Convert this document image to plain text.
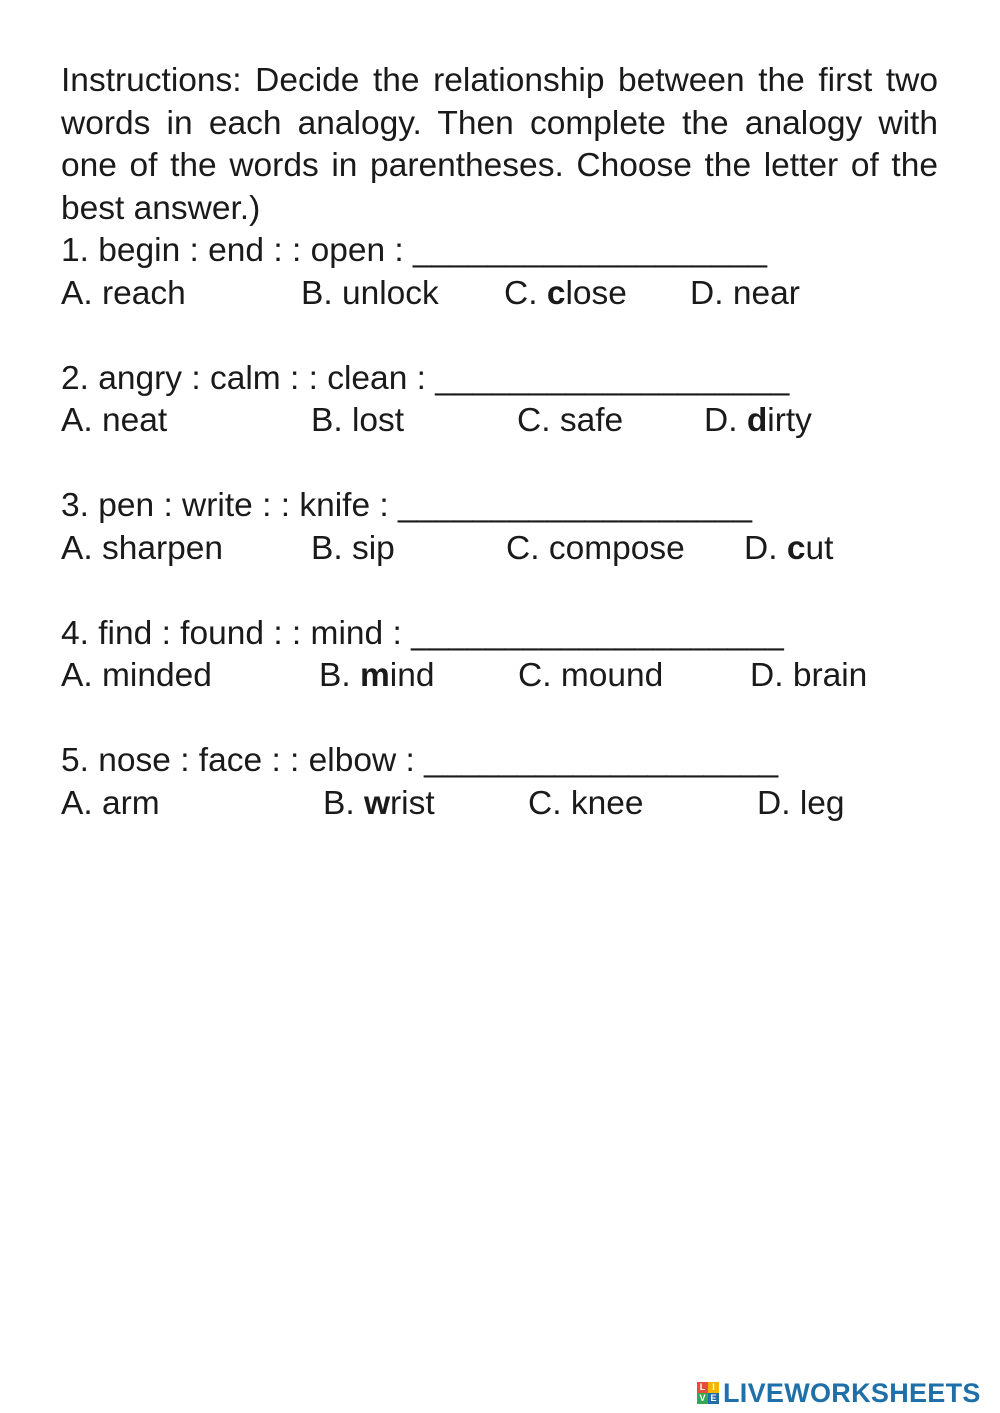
Instructions: Decide the relationship between the first two words in each analogy. Then complete the analogy with one of the words in parentheses. Choose the letter of the best answer.)

1. begin : end : : open : ___________________

A. reach	B. unlock C. close D. near

2. angry : calm : : clean : ___________________

A. neat	B. lost	C. safe D. dirty

3. pen : write : : knife : ___________________

A. sharpen	B. sip	C. compose D. cut

4. find : found : : mind : ____________________

A. minded	B. mind C. mound	D. brain

5. nose : face : : elbow : ___________________

A. arm	B. wrist	C. knee	D. leg
L I
V E LIVEWORKSHEETS
